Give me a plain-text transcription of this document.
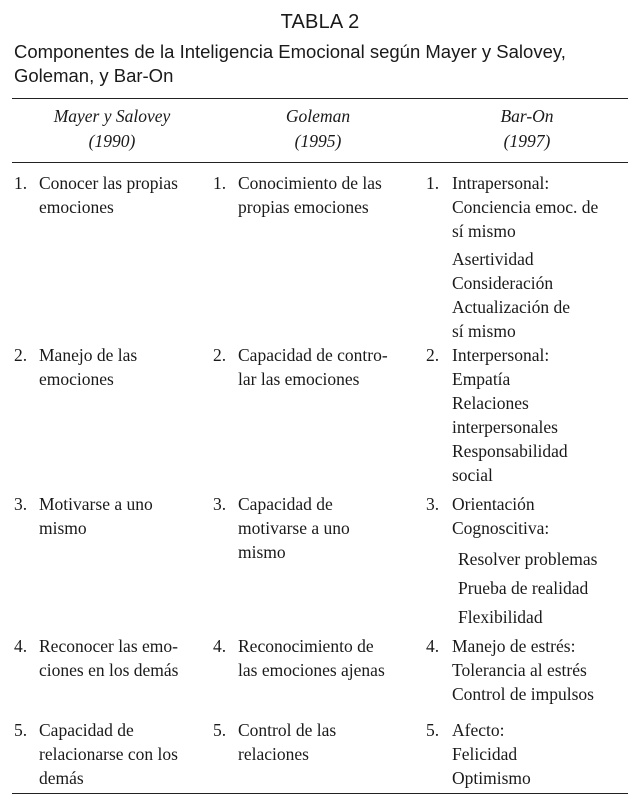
TABLA 2
Componentes de la Inteligencia Emocional según Mayer y Salovey,
Goleman, y Bar-On
Mayer y Salovey
(1990)
Goleman
(1995)
Bar-On
(1997)
1. Conocer las propias
emociones
1. Conocimiento de las
propias emociones
1. Intrapersonal:
Conciencia emoc. de
sí mismo
Asertividad
Consideración
Actualización de
sí mismo
2. Manejo de las
emociones
2. Capacidad de contro-
lar las emociones
2. Interpersonal:
Empatía
Relaciones
interpersonales
Responsabilidad
social
3. Motivarse a uno
mismo
3. Capacidad de
motivarse a uno
mismo
3. Orientación
Cognoscitiva:
Resolver problemas
Prueba de realidad
Flexibilidad
4. Reconocer las emo-
ciones en los demás
4. Reconocimiento de
las emociones ajenas
4. Manejo de estrés:
Tolerancia al estrés
Control de impulsos
5. Capacidad de
relacionarse con los
demás
5. Control de las
relaciones
5. Afecto:
Felicidad
Optimismo
